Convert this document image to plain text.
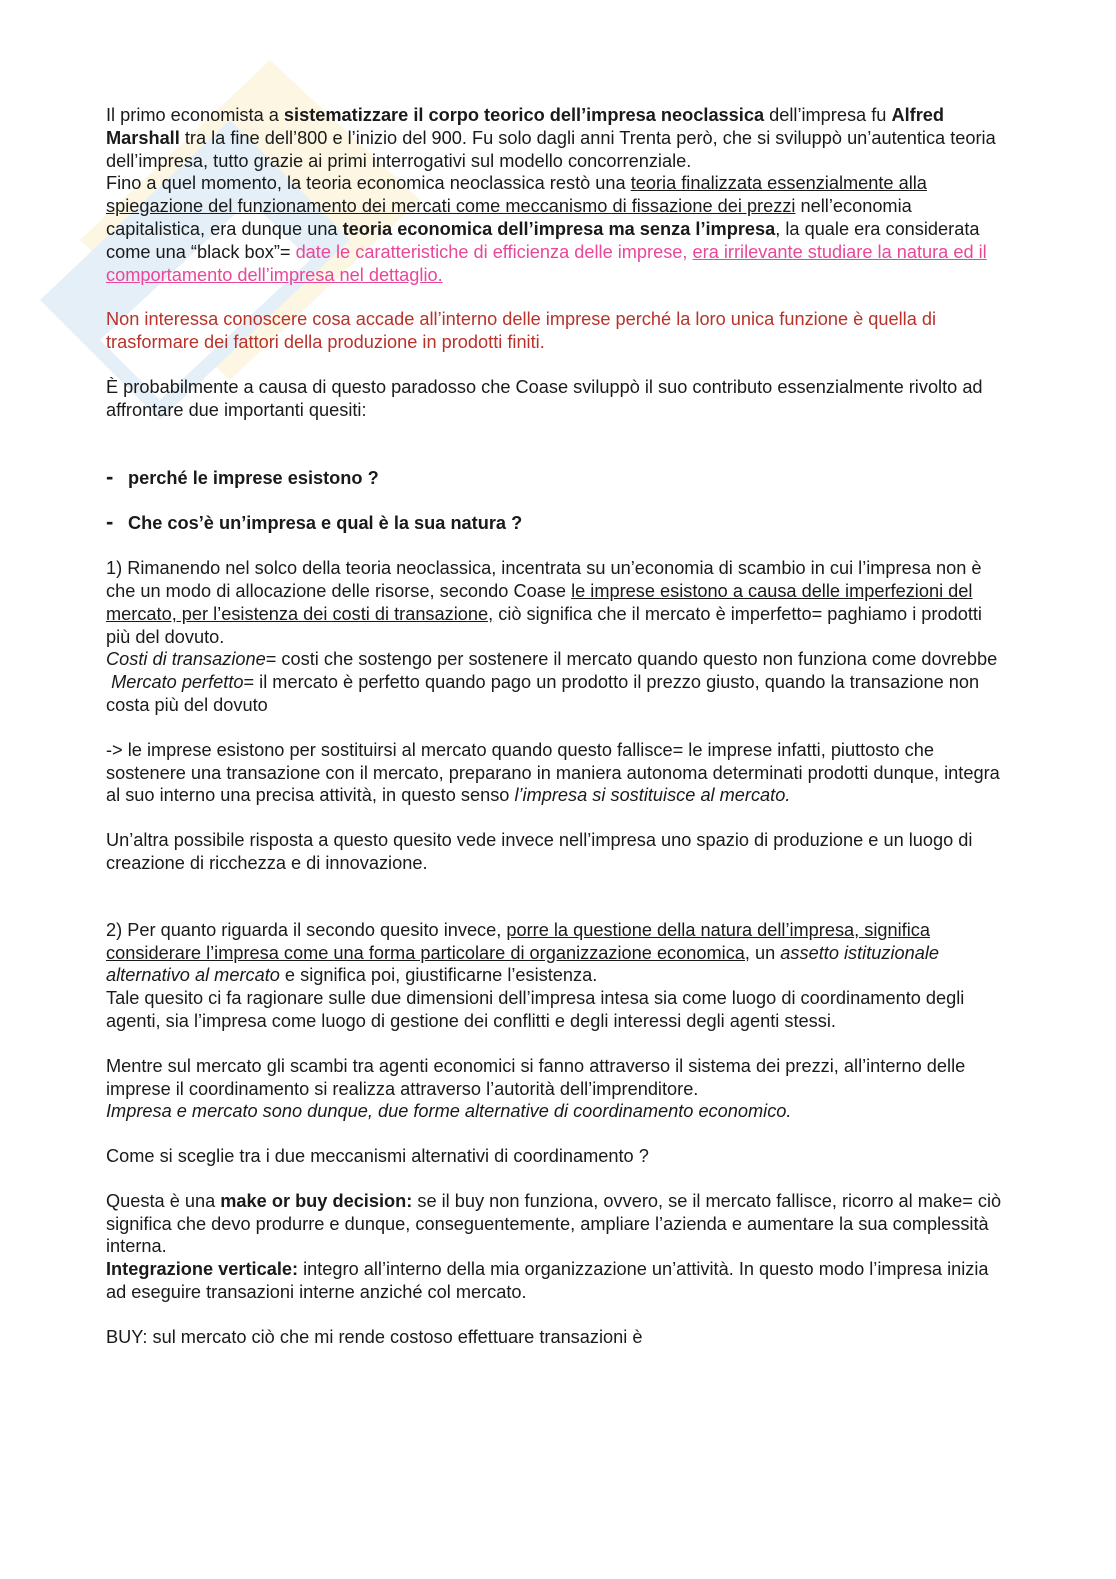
Il primo economista a sistematizzare il corpo teorico dell’impresa neoclassica dell’impresa fu Alfred Marshall tra la fine dell’800 e l’inizio del 900. Fu solo dagli anni Trenta però, che si sviluppò un’autentica teoria dell’impresa, tutto grazie ai primi interrogativi sul modello concorrenziale.
Fino a quel momento, la teoria economica neoclassica restò una teoria finalizzata essenzialmente alla spiegazione del funzionamento dei mercati come meccanismo di fissazione dei prezzi nell’economia capitalistica, era dunque una teoria economica dell’impresa ma senza l’impresa, la quale era considerata come una “black box”= date le caratteristiche di efficienza delle imprese, era irrilevante studiare la natura ed il comportamento dell’impresa nel dettaglio.

Non interessa conoscere cosa accade all’interno delle imprese perché la loro unica funzione è quella di trasformare dei fattori della produzione in prodotti finiti.

È probabilmente a causa di questo paradosso che Coase sviluppò il suo contributo essenzialmente rivolto ad affrontare due importanti quesiti:

- perché le imprese esistono ?

- Che cos’è un’impresa e qual è la sua natura ?

1) Rimanendo nel solco della teoria neoclassica, incentrata su un’economia di scambio in cui l’impresa non è che un modo di allocazione delle risorse, secondo Coase le imprese esistono a causa delle imperfezioni del mercato, per l’esistenza dei costi di transazione, ciò significa che il mercato è imperfetto= paghiamo i prodotti più del dovuto.
Costi di transazione= costi che sostengo per sostenere il mercato quando questo non funziona come dovrebbe
Mercato perfetto= il mercato è perfetto quando pago un prodotto il prezzo giusto, quando la transazione non costa più del dovuto

-> le imprese esistono per sostituirsi al mercato quando questo fallisce= le imprese infatti, piuttosto che sostenere una transazione con il mercato, preparano in maniera autonoma determinati prodotti dunque, integra al suo interno una precisa attività, in questo senso l’impresa si sostituisce al mercato.

Un’altra possibile risposta a questo quesito vede invece nell’impresa uno spazio di produzione e un luogo di creazione di ricchezza e di innovazione.

2) Per quanto riguarda il secondo quesito invece, porre la questione della natura dell’impresa, significa considerare l’impresa come una forma particolare di organizzazione economica, un assetto istituzionale alternativo al mercato e significa poi, giustificarne l’esistenza.
Tale quesito ci fa ragionare sulle due dimensioni dell’impresa intesa sia come luogo di coordinamento degli agenti, sia l’impresa come luogo di gestione dei conflitti e degli interessi degli agenti stessi.

Mentre sul mercato gli scambi tra agenti economici si fanno attraverso il sistema dei prezzi, all’interno delle imprese il coordinamento si realizza attraverso l’autorità dell’imprenditore.
Impresa e mercato sono dunque, due forme alternative di coordinamento economico.

Come si sceglie tra i due meccanismi alternativi di coordinamento ?

Questa è una make or buy decision: se il buy non funziona, ovvero, se il mercato fallisce, ricorro al make= ciò significa che devo produrre e dunque, conseguentemente, ampliare l’azienda e aumentare la sua complessità interna.
Integrazione verticale: integro all’interno della mia organizzazione un’attività. In questo modo l’impresa inizia ad eseguire transazioni interne anziché col mercato.

BUY: sul mercato ciò che mi rende costoso effettuare transazioni è
